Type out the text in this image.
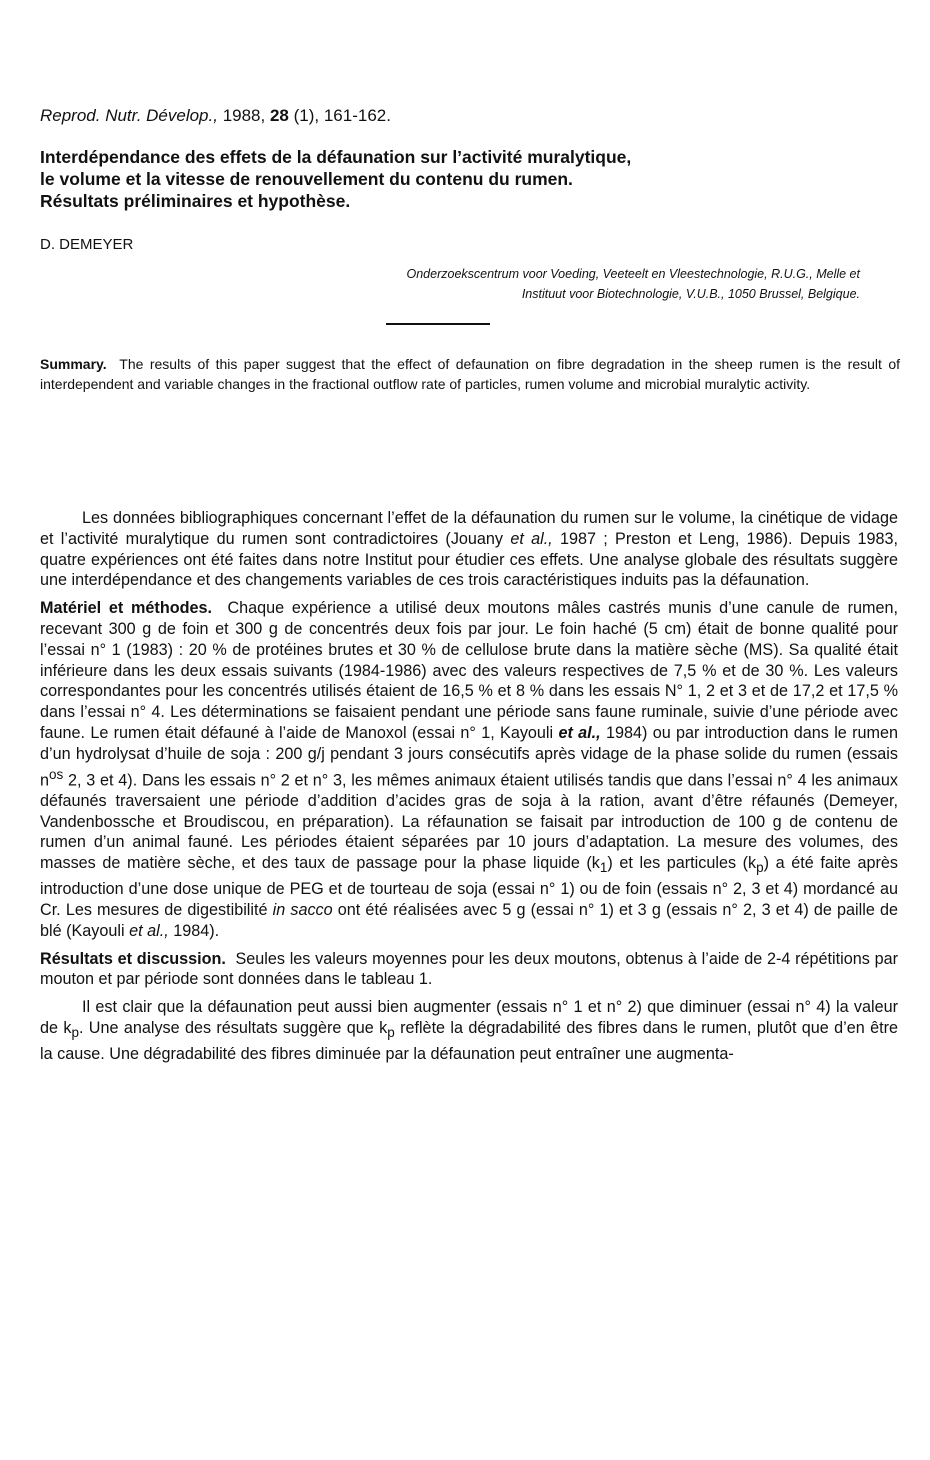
Reprod. Nutr. Dévelop., 1988, 28 (1), 161-162.
Interdépendance des effets de la défaunation sur l’activité muralytique,
le volume et la vitesse de renouvellement du contenu du rumen.
Résultats préliminaires et hypothèse.
D. DEMEYER
Onderzoekscentrum voor Voeding, Veeteelt en Vleestechnologie, R.U.G., Melle et
Instituut voor Biotechnologie, V.U.B., 1050 Brussel, Belgique.
Summary. The results of this paper suggest that the effect of defaunation on fibre degradation in the sheep rumen is the result of interdependent and variable changes in the fractional outflow rate of particles, rumen volume and microbial muralytic activity.

Les données bibliographiques concernant l’effet de la défaunation du rumen sur le volume, la cinétique de vidage et l’activité muralytique du rumen sont contradictoires (Jouany et al., 1987 ; Preston et Leng, 1986). Depuis 1983, quatre expériences ont été faites dans notre Institut pour étudier ces effets. Une analyse globale des résultats suggère une interdépendance et des changements variables de ces trois caractéristiques induits pas la défaunation.

Matériel et méthodes. Chaque expérience a utilisé deux moutons mâles castrés munis d’une canule de rumen, recevant 300 g de foin et 300 g de concentrés deux fois par jour. Le foin haché (5 cm) était de bonne qualité pour l’essai n° 1 (1983) : 20 % de protéines brutes et 30 % de cellulose brute dans la matière sèche (MS). Sa qualité était inférieure dans les deux essais suivants (1984-1986) avec des valeurs respectives de 7,5 % et de 30 %. Les valeurs correspondantes pour les concentrés utilisés étaient de 16,5 % et 8 % dans les essais N° 1, 2 et 3 et de 17,2 et 17,5 % dans l’essai n° 4. Les déterminations se faisaient pendant une période sans faune ruminale, suivie d’une période avec faune. Le rumen était défauné à l’aide de Manoxol (essai n° 1, Kayouli et al., 1984) ou par introduction dans le rumen d’un hydrolysat d’huile de soja : 200 g/j pendant 3 jours consécutifs après vidage de la phase solide du rumen (essais $n^{os}$ 2, 3 et 4). Dans les essais n° 2 et n° 3, les mêmes animaux étaient utilisés tandis que dans l’essai n° 4 les animaux défaunés traversaient une période d’addition d’acides gras de soja à la ration, avant d’être réfaunés (Demeyer, Vandenbossche et Broudiscou, en préparation). La réfaunation se faisait par introduction de 100 g de contenu de rumen d’un animal fauné. Les périodes étaient séparées par 10 jours d’adaptation. La mesure des volumes, des masses de matière sèche, et des taux de passage pour la phase liquide $(k_1)$ et les particules $(k_p)$ a été faite après introduction d’une dose unique de PEG et de tourteau de soja (essai n° 1) ou de foin (essais n° 2, 3 et 4) mordancé au Cr. Les mesures de digestibilité in sacco ont été réalisées avec 5 g (essai n° 1) et 3 g (essais n° 2, 3 et 4) de paille de blé (Kayouli et al., 1984).

Résultats et discussion. Seules les valeurs moyennes pour les deux moutons, obtenus à l’aide de 2-4 répétitions par mouton et par période sont données dans le tableau 1.

Il est clair que la défaunation peut aussi bien augmenter (essais n° 1 et n° 2) que diminuer (essai n° 4) la valeur de $k_p$. Une analyse des résultats suggère que $k_p$ reflète la dégradabilité des fibres dans le rumen, plutôt que d’en être la cause. Une dégradabilité des fibres diminuée par la défaunation peut entraîner une augmenta-
